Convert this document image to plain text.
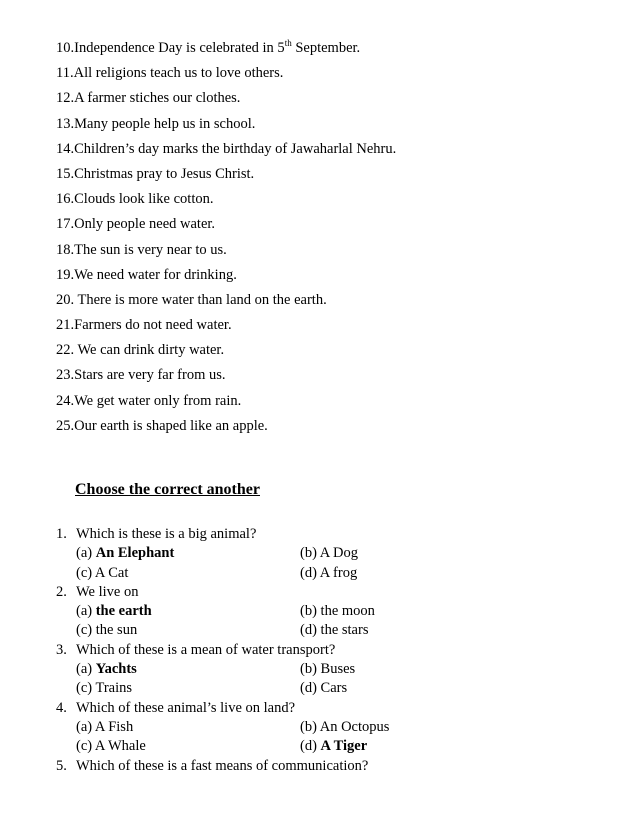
10.Independence Day is celebrated in 5th September.
11.All religions teach us to love others.
12.A farmer stiches our clothes.
13.Many people help us in school.
14.Children’s day marks the birthday of Jawaharlal Nehru.
15.Christmas pray to Jesus Christ.
16.Clouds look like cotton.
17.Only people need water.
18.The sun is very near to us.
19.We need water for drinking.
20. There is more water than land on the earth.
21.Farmers do not need water.
22. We can drink dirty water.
23.Stars are very far from us.
24.We get water only from rain.
25.Our earth is shaped like an apple.
Choose the correct another
1. Which is these is a big animal?
(a) An Elephant	(b) A Dog
(c) A Cat	(d) A frog
2. We live on
(a) the earth	(b) the moon
(c) the sun	(d) the stars
3. Which of these is a mean of water transport?
(a) Yachts	(b) Buses
(c) Trains	(d) Cars
4. Which of these animal’s live on land?
(a) A Fish	(b) An Octopus
(c) A Whale	(d) A Tiger
5. Which of these is a fast means of communication?
